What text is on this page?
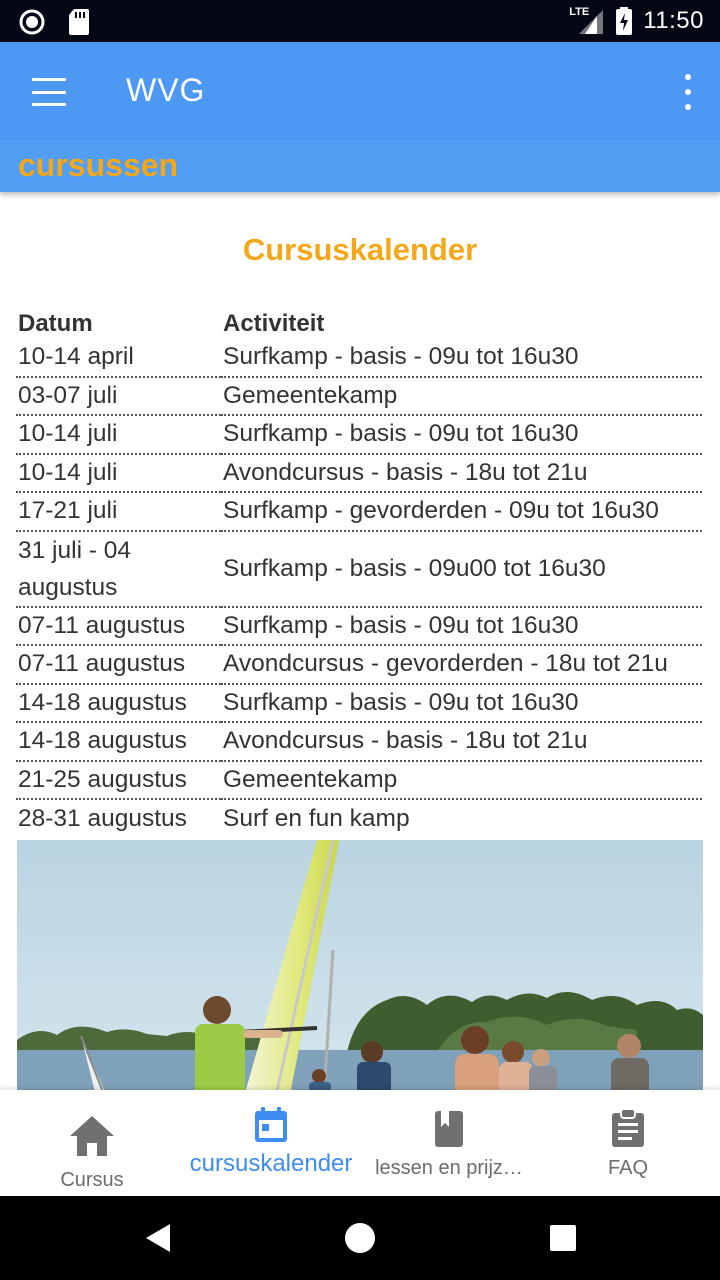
LTE 11:50
WVG
cursussen
Cursuskalender
Datum	Activiteit
10-14 april	Surfkamp - basis - 09u tot 16u30
03-07 juli	Gemeentekamp
10-14 juli	Surfkamp - basis - 09u tot 16u30
10-14 juli	Avondcursus - basis - 18u tot 21u
17-21 juli	Surfkamp - gevorderden - 09u tot 16u30
31 juli - 04 augustus	Surfkamp - basis - 09u00 tot 16u30
07-11 augustus	Surfkamp - basis - 09u tot 16u30
07-11 augustus	Avondcursus - gevorderden - 18u tot 21u
14-18 augustus	Surfkamp - basis - 09u tot 16u30
14-18 augustus	Avondcursus - basis - 18u tot 21u
21-25 augustus	Gemeentekamp
28-31 augustus	Surf en fun kamp
Cursus
cursuskalender	lessen en prijz…	FAQ
